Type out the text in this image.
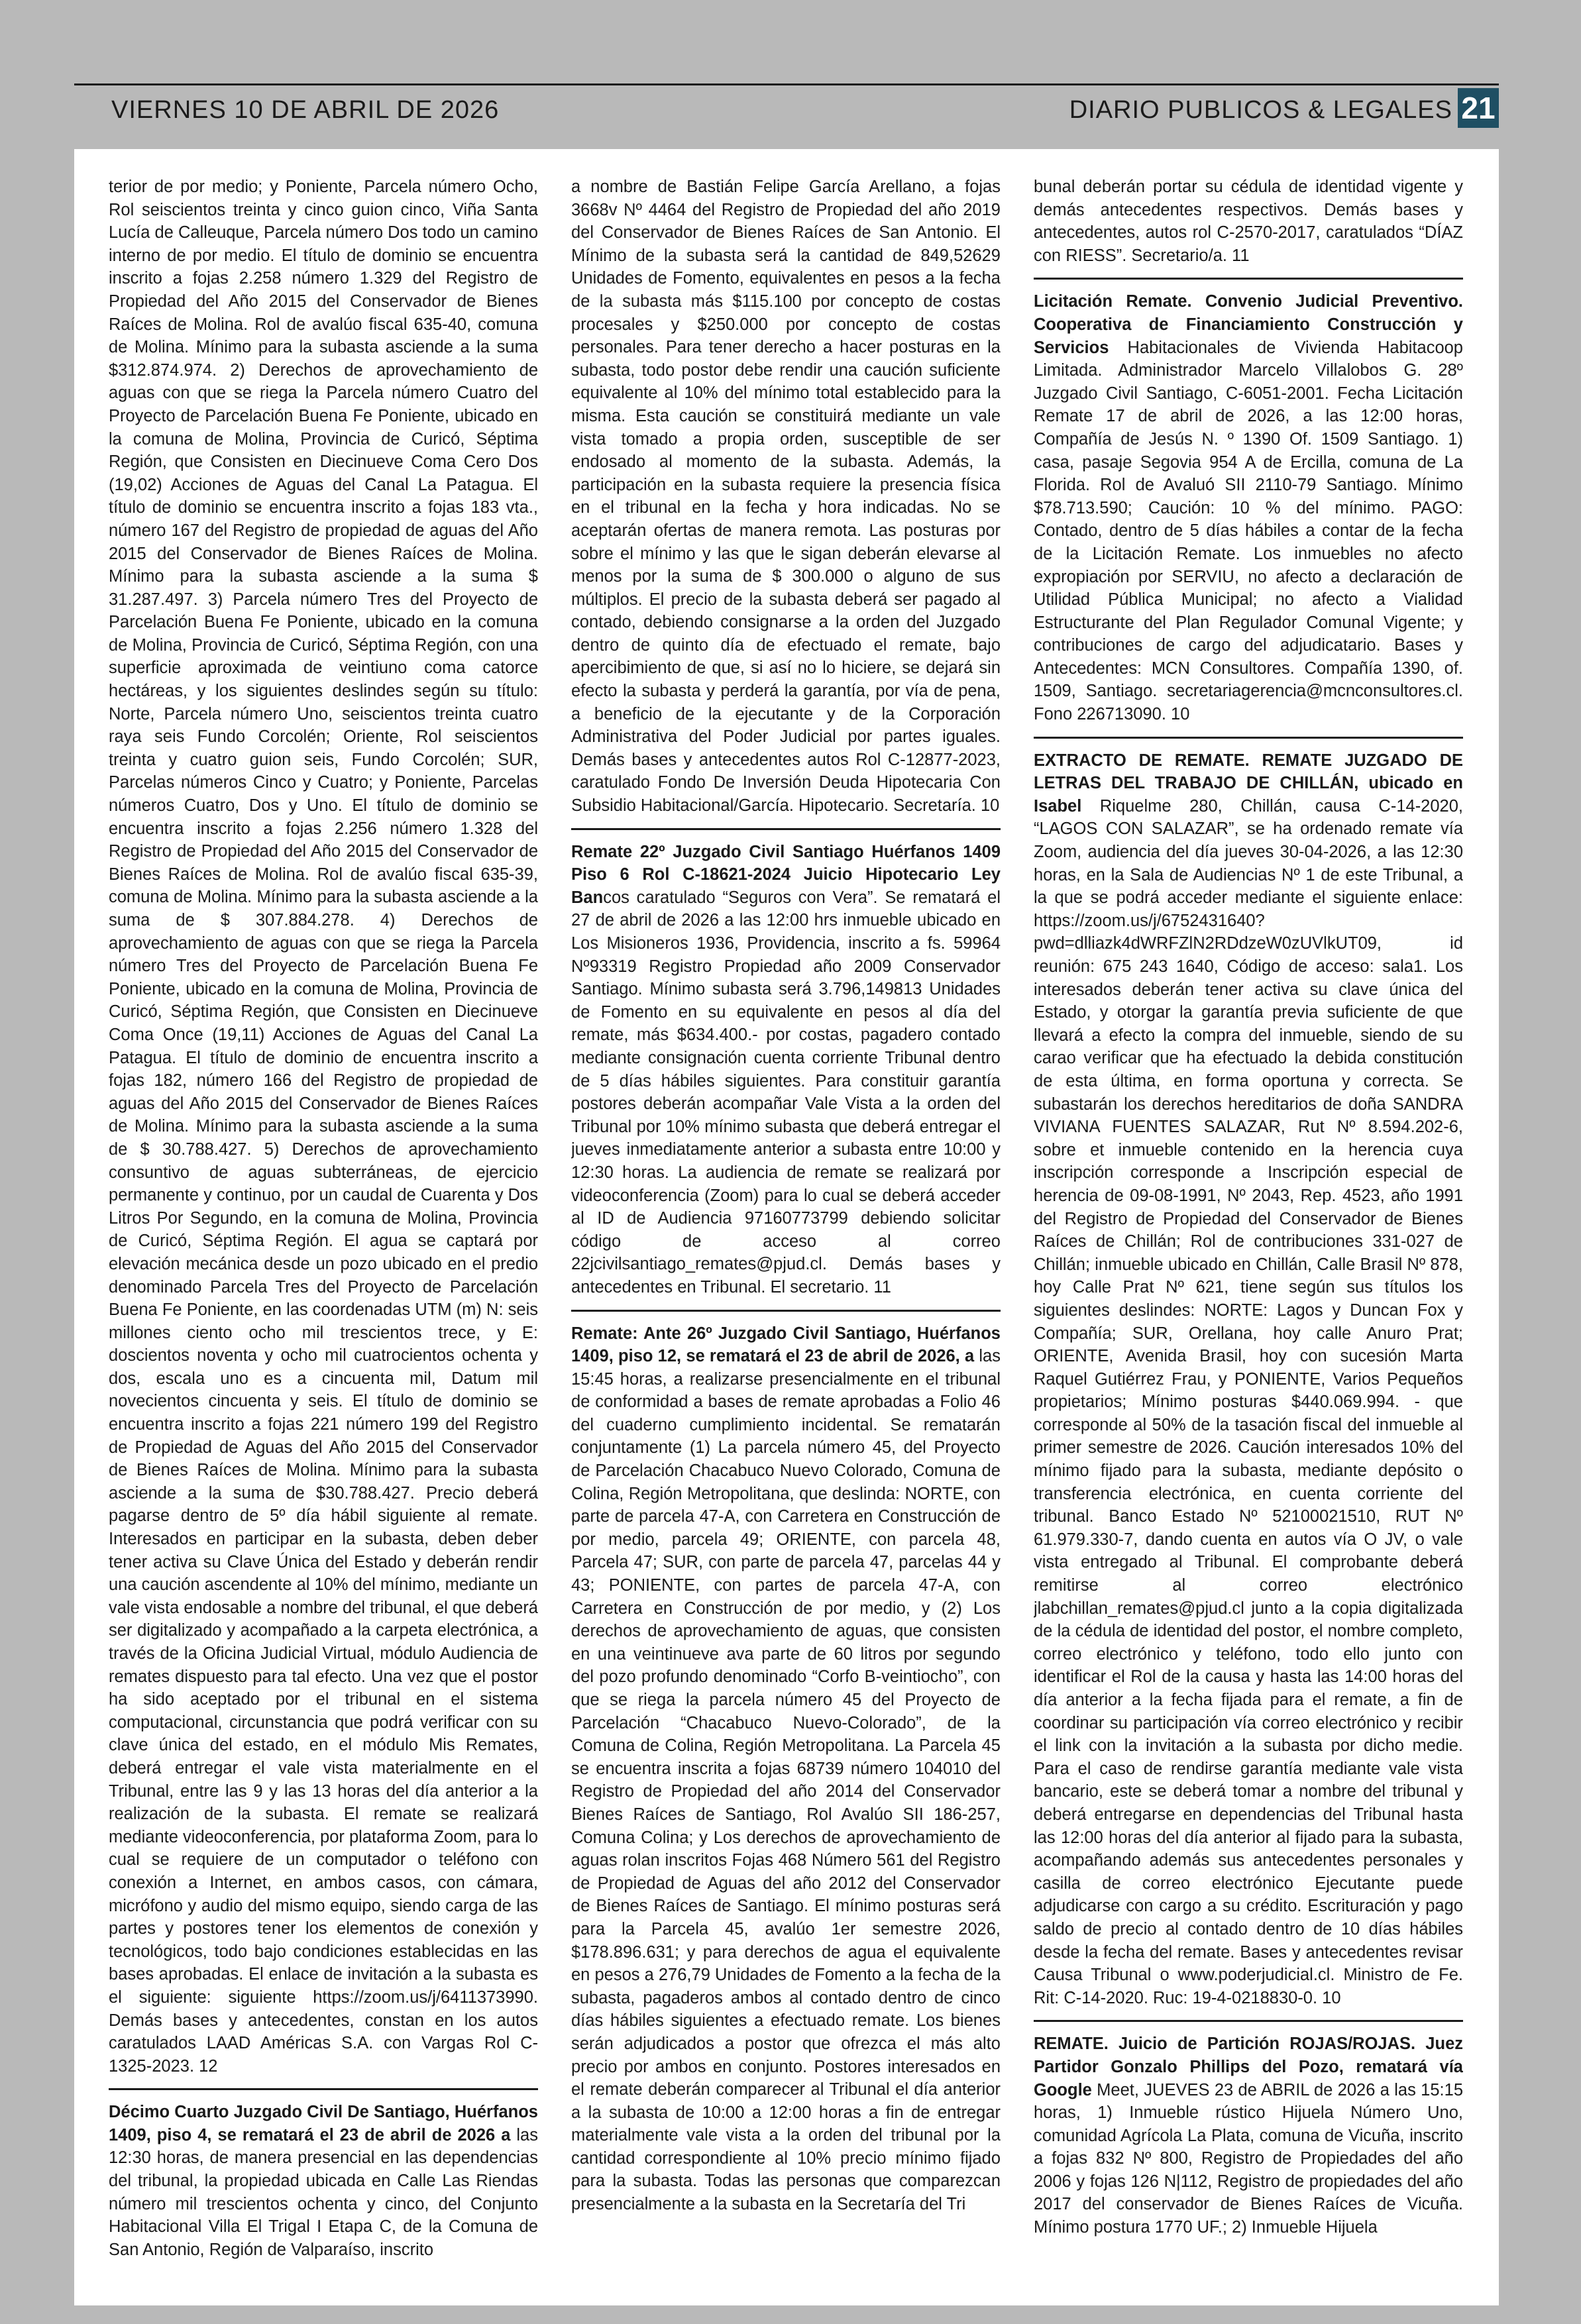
VIERNES 10 DE ABRIL DE 2026	DIARIO PUBLICOS & LEGALES 21

terior de por medio; y Poniente, Parcela número Ocho, Rol seiscientos treinta y cinco guion cinco, Viña Santa Lucía de Calleuque, Parcela número Dos todo un camino interno de por medio. El título de dominio se encuentra inscrito a fojas 2.258 número 1.329 del Registro de Propiedad del Año 2015 del Conservador de Bienes Raíces de Molina. Rol de avalúo fiscal 635-40, comuna de Molina. Mínimo para la subasta asciende a la suma $312.874.974. 2) Derechos de aprovechamiento de aguas con que se riega la Parcela número Cuatro del Proyecto de Parcelación Buena Fe Poniente, ubicado en la comuna de Molina, Provincia de Curicó, Séptima Región, que Consisten en Diecinueve Coma Cero Dos (19,02) Acciones de Aguas del Canal La Patagua. El título de dominio se encuentra inscrito a fojas 183 vta., número 167 del Registro de propiedad de aguas del Año 2015 del Conservador de Bienes Raíces de Molina. Mínimo para la subasta asciende a la suma $ 31.287.497. 3) Parcela número Tres del Proyecto de Parcelación Buena Fe Poniente, ubicado en la comuna de Molina, Provincia de Curicó, Séptima Región, con una superficie aproximada de veintiuno coma catorce hectáreas, y los siguientes deslindes según su título: Norte, Parcela número Uno, seiscientos treinta cuatro raya seis Fundo Corcolén; Oriente, Rol seiscientos treinta y cuatro guion seis, Fundo Corcolén; SUR, Parcelas números Cinco y Cuatro; y Poniente, Parcelas números Cuatro, Dos y Uno. El título de dominio se encuentra inscrito a fojas 2.256 número 1.328 del Registro de Propiedad del Año 2015 del Conservador de Bienes Raíces de Molina. Rol de avalúo fiscal 635-39, comuna de Molina. Mínimo para la subasta asciende a la suma de $ 307.884.278. 4) Derechos de aprovechamiento de aguas con que se riega la Parcela número Tres del Proyecto de Parcelación Buena Fe Poniente, ubicado en la comuna de Molina, Provincia de Curicó, Séptima Región, que Consisten en Diecinueve Coma Once (19,11) Acciones de Aguas del Canal La Patagua. El título de dominio de encuentra inscrito a fojas 182, número 166 del Registro de propiedad de aguas del Año 2015 del Conservador de Bienes Raíces de Molina. Mínimo para la subasta asciende a la suma de $ 30.788.427. 5) Derechos de aprovechamiento consuntivo de aguas subterráneas, de ejercicio permanente y continuo, por un caudal de Cuarenta y Dos Litros Por Segundo, en la comuna de Molina, Provincia de Curicó, Séptima Región. El agua se captará por elevación mecánica desde un pozo ubicado en el predio denominado Parcela Tres del Proyecto de Parcelación Buena Fe Poniente, en las coordenadas UTM (m) N: seis millones ciento ocho mil trescientos trece, y E: doscientos noventa y ocho mil cuatrocientos ochenta y dos, escala uno es a cincuenta mil, Datum mil novecientos cincuenta y seis. El título de dominio se encuentra inscrito a fojas 221 número 199 del Registro de Propiedad de Aguas del Año 2015 del Conservador de Bienes Raíces de Molina. Mínimo para la subasta asciende a la suma de $30.788.427. Precio deberá pagarse dentro de 5º día hábil siguiente al remate. Interesados en participar en la subasta, deben deber tener activa su Clave Única del Estado y deberán rendir una caución ascendente al 10% del mínimo, mediante un vale vista endosable a nombre del tribunal, el que deberá ser digitalizado y acompañado a la carpeta electrónica, a través de la Oficina Judicial Virtual, módulo Audiencia de remates dispuesto para tal efecto. Una vez que el postor ha sido aceptado por el tribunal en el sistema computacional, circunstancia que podrá verificar con su clave única del estado, en el módulo Mis Remates, deberá entregar el vale vista materialmente en el Tribunal, entre las 9 y las 13 horas del día anterior a la realización de la subasta. El remate se realizará mediante videoconferencia, por plataforma Zoom, para lo cual se requiere de un computador o teléfono con conexión a Internet, en ambos casos, con cámara, micrófono y audio del mismo equipo, siendo carga de las partes y postores tener los elementos de conexión y tecnológicos, todo bajo condiciones establecidas en las bases aprobadas. El enlace de invitación a la subasta es el siguiente: siguiente https://zoom.us/j/6411373990. Demás bases y antecedentes, constan en los autos caratulados LAAD Américas S.A. con Vargas Rol C-1325-2023. 12

Décimo Cuarto Juzgado Civil De Santiago, Huérfanos 1409, piso 4, se rematará el 23 de abril de 2026 a las 12:30 horas, de manera presencial en las dependencias del tribunal, la propiedad ubicada en Calle Las Riendas número mil trescientos ochenta y cinco, del Conjunto Habitacional Villa El Trigal I Etapa C, de la Comuna de San Antonio, Región de Valparaíso, inscrito

a nombre de Bastián Felipe García Arellano, a fojas 3668v Nº 4464 del Registro de Propiedad del año 2019 del Conservador de Bienes Raíces de San Antonio. El Mínimo de la subasta será la cantidad de 849,52629 Unidades de Fomento, equivalentes en pesos a la fecha de la subasta más $115.100 por concepto de costas procesales y $250.000 por concepto de costas personales. Para tener derecho a hacer posturas en la subasta, todo postor debe rendir una caución suficiente equivalente al 10% del mínimo total establecido para la misma. Esta caución se constituirá mediante un vale vista tomado a propia orden, susceptible de ser endosado al momento de la subasta. Además, la participación en la subasta requiere la presencia física en el tribunal en la fecha y hora indicadas. No se aceptarán ofertas de manera remota. Las posturas por sobre el mínimo y las que le sigan deberán elevarse al menos por la suma de $ 300.000 o alguno de sus múltiplos. El precio de la subasta deberá ser pagado al contado, debiendo consignarse a la orden del Juzgado dentro de quinto día de efectuado el remate, bajo apercibimiento de que, si así no lo hiciere, se dejará sin efecto la subasta y perderá la garantía, por vía de pena, a beneficio de la ejecutante y de la Corporación Administrativa del Poder Judicial por partes iguales. Demás bases y antecedentes autos Rol C-12877-2023, caratulado Fondo De Inversión Deuda Hipotecaria Con Subsidio Habitacional/García. Hipotecario. Secretaría. 10

Remate 22º Juzgado Civil Santiago Huérfanos 1409 Piso 6 Rol C-18621-2024 Juicio Hipotecario Ley Bancos caratulado “Seguros con Vera”. Se rematará el 27 de abril de 2026 a las 12:00 hrs inmueble ubicado en Los Misioneros 1936, Providencia, inscrito a fs. 59964 Nº93319 Registro Propiedad año 2009 Conservador Santiago. Mínimo subasta será 3.796,149813 Unidades de Fomento en su equivalente en pesos al día del remate, más $634.400.- por costas, pagadero contado mediante consignación cuenta corriente Tribunal dentro de 5 días hábiles siguientes. Para constituir garantía postores deberán acompañar Vale Vista a la orden del Tribunal por 10% mínimo subasta que deberá entregar el jueves inmediatamente anterior a subasta entre 10:00 y 12:30 horas. La audiencia de remate se realizará por videoconferencia (Zoom) para lo cual se deberá acceder al ID de Audiencia 97160773799 debiendo solicitar código de acceso al correo 22jcivilsantiago_remates@pjud.cl. Demás bases y antecedentes en Tribunal. El secretario. 11

Remate: Ante 26º Juzgado Civil Santiago, Huérfanos 1409, piso 12, se rematará el 23 de abril de 2026, a las 15:45 horas, a realizarse presencialmente en el tribunal de conformidad a bases de remate aprobadas a Folio 46 del cuaderno cumplimiento incidental. Se rematarán conjuntamente (1) La parcela número 45, del Proyecto de Parcelación Chacabuco Nuevo Colorado, Comuna de Colina, Región Metropolitana, que deslinda: NORTE, con parte de parcela 47-A, con Carretera en Construcción de por medio, parcela 49; ORIENTE, con parcela 48, Parcela 47; SUR, con parte de parcela 47, parcelas 44 y 43; PONIENTE, con partes de parcela 47-A, con Carretera en Construcción de por medio, y (2) Los derechos de aprovechamiento de aguas, que consisten en una veintinueve ava parte de 60 litros por segundo del pozo profundo denominado “Corfo B-veintiocho”, con que se riega la parcela número 45 del Proyecto de Parcelación “Chacabuco Nuevo-Colorado”, de la Comuna de Colina, Región Metropolitana. La Parcela 45 se encuentra inscrita a fojas 68739 número 104010 del Registro de Propiedad del año 2014 del Conservador Bienes Raíces de Santiago, Rol Avalúo SII 186-257, Comuna Colina; y Los derechos de aprovechamiento de aguas rolan inscritos Fojas 468 Número 561 del Registro de Propiedad de Aguas del año 2012 del Conservador de Bienes Raíces de Santiago. El mínimo posturas será para la Parcela 45, avalúo 1er semestre 2026, $178.896.631; y para derechos de agua el equivalente en pesos a 276,79 Unidades de Fomento a la fecha de la subasta, pagaderos ambos al contado dentro de cinco días hábiles siguientes a efectuado remate. Los bienes serán adjudicados a postor que ofrezca el más alto precio por ambos en conjunto. Postores interesados en el remate deberán comparecer al Tribunal el día anterior a la subasta de 10:00 a 12:00 horas a fin de entregar materialmente vale vista a la orden del tribunal por la cantidad correspondiente al 10% precio mínimo fijado para la subasta. Todas las personas que comparezcan presencialmente a la subasta en la Secretaría del Tri

bunal deberán portar su cédula de identidad vigente y demás antecedentes respectivos. Demás bases y antecedentes, autos rol C-2570-2017, caratulados “DÍAZ con RIESS”. Secretario/a. 11

Licitación Remate. Convenio Judicial Preventivo. Cooperativa de Financiamiento Construcción y Servicios Habitacionales de Vivienda Habitacoop Limitada. Administrador Marcelo Villalobos G. 28º Juzgado Civil Santiago, C-6051-2001. Fecha Licitación Remate 17 de abril de 2026, a las 12:00 horas, Compañía de Jesús N. º 1390 Of. 1509 Santiago. 1) casa, pasaje Segovia 954 A de Ercilla, comuna de La Florida. Rol de Avaluó SII 2110-79 Santiago. Mínimo $78.713.590; Caución: 10 % del mínimo. PAGO: Contado, dentro de 5 días hábiles a contar de la fecha de la Licitación Remate. Los inmuebles no afecto expropiación por SERVIU, no afecto a declaración de Utilidad Pública Municipal; no afecto a Vialidad Estructurante del Plan Regulador Comunal Vigente; y contribuciones de cargo del adjudicatario. Bases y Antecedentes: MCN Consultores. Compañía 1390, of. 1509, Santiago. secretariagerencia@mcnconsultores.cl. Fono 226713090. 10

EXTRACTO DE REMATE. REMATE JUZGADO DE LETRAS DEL TRABAJO DE CHILLÁN, ubicado en Isabel Riquelme 280, Chillán, causa C-14-2020, “LAGOS CON SALAZAR”, se ha ordenado remate vía Zoom, audiencia del día jueves 30-04-2026, a las 12:30 horas, en la Sala de Audiencias Nº 1 de este Tribunal, a la que se podrá acceder mediante el siguiente enlace: https://zoom.us/j/6752431640?pwd=dlliazk4dWRFZlN2RDdzeW0zUVlkUT09, id reunión: 675 243 1640, Código de acceso: sala1. Los interesados deberán tener activa su clave única del Estado, y otorgar la garantía previa suficiente de que llevará a efecto la compra del inmueble, siendo de su carao verificar que ha efectuado la debida constitución de esta última, en forma oportuna y correcta. Se subastarán los derechos hereditarios de doña SANDRA VIVIANA FUENTES SALAZAR, Rut Nº 8.594.202-6, sobre et inmueble contenido en la herencia cuya inscripción corresponde a Inscripción especial de herencia de 09-08-1991, Nº 2043, Rep. 4523, año 1991 del Registro de Propiedad del Conservador de Bienes Raíces de Chillán; Rol de contribuciones 331-027 de Chillán; inmueble ubicado en Chillán, Calle Brasil Nº 878, hoy Calle Prat Nº 621, tiene según sus títulos los siguientes deslindes: NORTE: Lagos y Duncan Fox y Compañía; SUR, Orellana, hoy calle Anuro Prat; ORIENTE, Avenida Brasil, hoy con sucesión Marta Raquel Gutiérrez Frau, y PONIENTE, Varios Pequeños propietarios; Mínimo posturas $440.069.994. - que corresponde al 50% de la tasación fiscal del inmueble al primer semestre de 2026. Caución interesados 10% del mínimo fijado para la subasta, mediante depósito o transferencia electrónica, en cuenta corriente del tribunal. Banco Estado Nº 52100021510, RUT Nº 61.979.330-7, dando cuenta en autos vía O JV, o vale vista entregado al Tribunal. El comprobante deberá remitirse al correo electrónico jlabchillan_remates@pjud.cl junto a la copia digitalizada de la cédula de identidad del postor, el nombre completo, correo electrónico y teléfono, todo ello junto con identificar el Rol de la causa y hasta las 14:00 horas del día anterior a la fecha fijada para el remate, a fin de coordinar su participación vía correo electrónico y recibir el link con la invitación a la subasta por dicho medie. Para el caso de rendirse garantía mediante vale vista bancario, este se deberá tomar a nombre del tribunal y deberá entregarse en dependencias del Tribunal hasta las 12:00 horas del día anterior al fijado para la subasta, acompañando además sus antecedentes personales y casilla de correo electrónico Ejecutante puede adjudicarse con cargo a su crédito. Escrituración y pago saldo de precio al contado dentro de 10 días hábiles desde la fecha del remate. Bases y antecedentes revisar Causa Tribunal o www.poderjudicial.cl. Ministro de Fe. Rit: C-14-2020. Ruc: 19-4-0218830-0. 10

REMATE. Juicio de Partición ROJAS/ROJAS. Juez Partidor Gonzalo Phillips del Pozo, rematará vía Google Meet, JUEVES 23 de ABRIL de 2026 a las 15:15 horas, 1) Inmueble rústico Hijuela Número Uno, comunidad Agrícola La Plata, comuna de Vicuña, inscrito a fojas 832 Nº 800, Registro de Propiedades del año 2006 y fojas 126 N|112, Registro de propiedades del año 2017 del conservador de Bienes Raíces de Vicuña. Mínimo postura 1770 UF.; 2) Inmueble Hijuela
